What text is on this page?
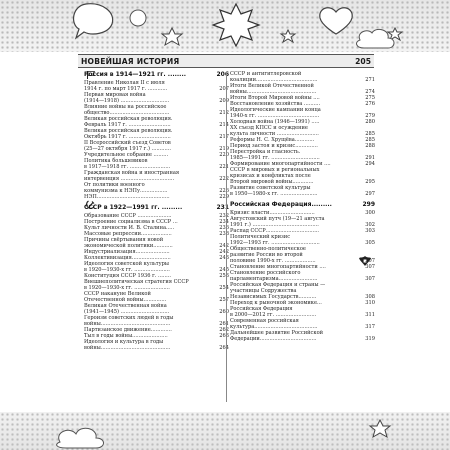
НОВЕЙШАЯ ИСТОРИЯ	205
Россия в 1914—1921 гг. ........	206
Правление Николая II с июля
1914 г. по март 1917 г. ............	207
Первая мировая война
(1914—1918) ..............................	209
Влияние войны на российское
общество.....................................	212
Великая российская революция.
Февраль 1917 г. ..........................	214
Великая российская революция.
Октябрь 1917 г. ..........................	217
II Всероссийский съезд Советов
(25—27 октября 1917 г.) ............	219
Учредительное собрание .........	220
Политика большевиков
в 1917—1918 гг. .........................	221
Гражданская война и иностранная
интервенция .................................	222
От политики военного
коммунизма к НЭПу.................	226
НЭП.............................................	229
СССР в 1922—1991 гг. .........	231
Образование СССР .....................	232
Построение социализма в СССР ...	234
Культ личности И. В. Сталина.....	236
Массовые репрессии...................	238
Причины свёртывания новой
экономической политики............	242
Индустриализация.....................	242
Коллективизация........................	243
Идеология советской культуры
в 1920—1930-х гг. ......................	245
Конституция СССР 1936 г. ........	253
Внешнеполитическая стратегия СССР
в 1920—1930-х гг. ......................	254
СССР накануне Великой
Отечественной войны..............	257
Великая Отечественная война
(1941—1945) ..............................	260
Героизм советских людей в годы
войны...........................................	261
Партизанское движение.............	262
Тыл в годы войны......................	263
Идеология и культура в годы
войны...........................................	264
СССР и антигитлеровской
коалиции......................................	271
Итоги Великой Отечественной
войны...........................................	274
Итоги Второй Мировой войны ....	275
Восстановление хозяйства ..........	276
Идеологические кампании конца
1940-х гг. ......................................	279
Холодная война (1946—1991) .....	280
XX съезд КПСС и осуждение
культа личности ..........................	285
Реформы Н. С. Хрущёва............	285
Период застоя и кризис..............	288
Перестройка и гласность.
1985—1991 гг. ..............................	291
Формирование многопартийности ....	294
СССР в мировых и региональных
кризисах и конфликтах после
Второй мировой войны.............	295
Развитие советской культуры
в 1950—1980-х гг. .......................	297
Российская Федерация.........	299
Кризис власти............................	300
Августовский путч (19—21 августа
1991 г.) .........................................	302
Распад СССР.................................	303
Политический кризис
1992—1993 гг. ..............................	305
Общественно-политическое
развитие России во второй
половине 1990-х гг. ...................	307
Становление многопартийности ....	307
Становление российского
парламентаризма........................	307
Российская Федерация и страны —
участницы Содружества
Независимых Государств...........	308
Переход к рыночной экономике...	310
Российская Федерация
в 2000—2012 гг. .........................	311
Современная российская
культура.......................................	317
Дальнейшее развитие Российской
Федерации...................................	319
